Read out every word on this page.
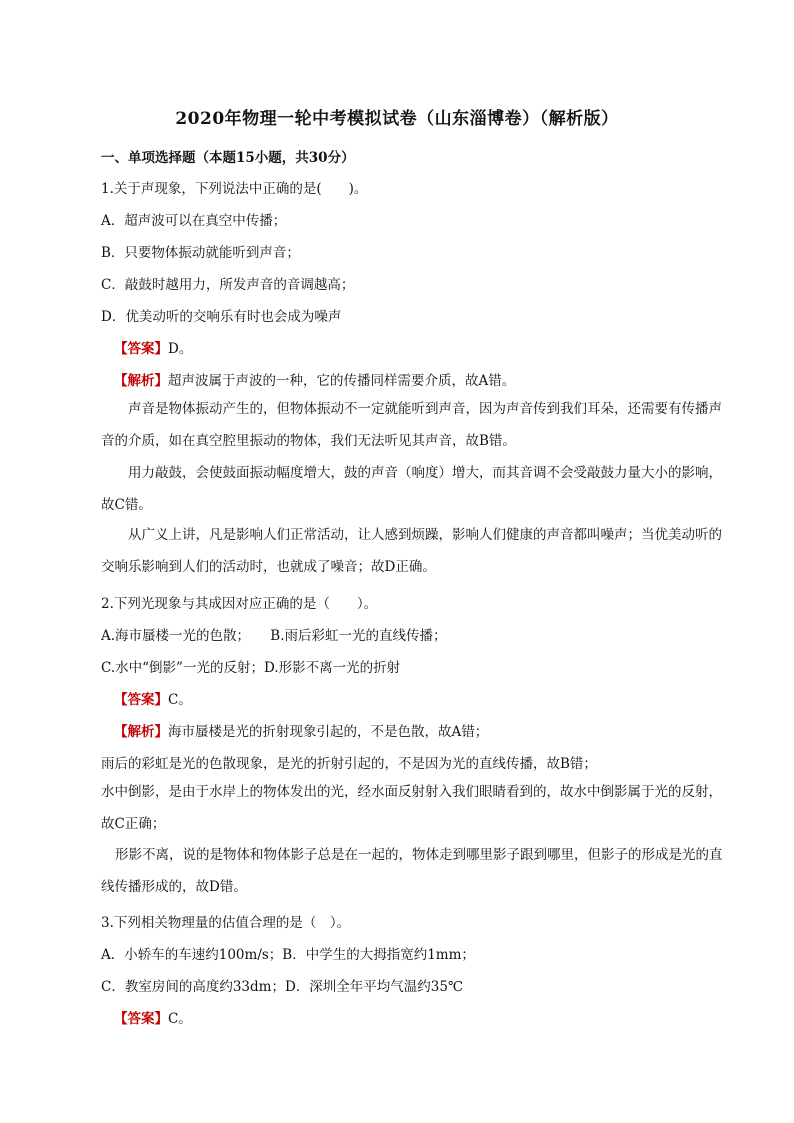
2020年物理一轮中考模拟试卷（山东淄博卷）（解析版）
一、单项选择题（本题15小题，共30分）
1.关于声现象，下列说法中正确的是(　　)。
A．超声波可以在真空中传播；
B．只要物体振动就能听到声音；
C．敲鼓时越用力，所发声音的音调越高；
D．优美动听的交响乐有时也会成为噪声
【答案】D。
【解析】超声波属于声波的一种，它的传播同样需要介质，故A错。
声音是物体振动产生的，但物体振动不一定就能听到声音，因为声音传到我们耳朵，还需要有传播声音的介质，如在真空腔里振动的物体，我们无法听见其声音，故B错。
用力敲鼓，会使鼓面振动幅度增大，鼓的声音（响度）增大，而其音调不会受敲鼓力量大小的影响，故C错。
从广义上讲，凡是影响人们正常活动，让人感到烦躁，影响人们健康的声音都叫噪声；当优美动听的交响乐影响到人们的活动时，也就成了噪音；故D正确。
2.下列光现象与其成因对应正确的是（　　）。
A.海市蜃楼一光的色散；　　B.雨后彩虹一光的直线传播；
C.水中“倒影”一光的反射；D.形影不离一光的折射
【答案】C。
【解析】海市蜃楼是光的折射现象引起的，不是色散，故A错；
雨后的彩虹是光的色散现象，是光的折射引起的，不是因为光的直线传播，故B错；
水中倒影，是由于水岸上的物体发出的光，经水面反射射入我们眼睛看到的，故水中倒影属于光的反射，故C正确；
形影不离，说的是物体和物体影子总是在一起的，物体走到哪里影子跟到哪里，但影子的形成是光的直线传播形成的，故D错。
3.下列相关物理量的估值合理的是（　）。
A．小轿车的车速约100m/s；B．中学生的大拇指宽约1mm；
C．教室房间的高度约33dm；D．深圳全年平均气温约35℃
【答案】C。
